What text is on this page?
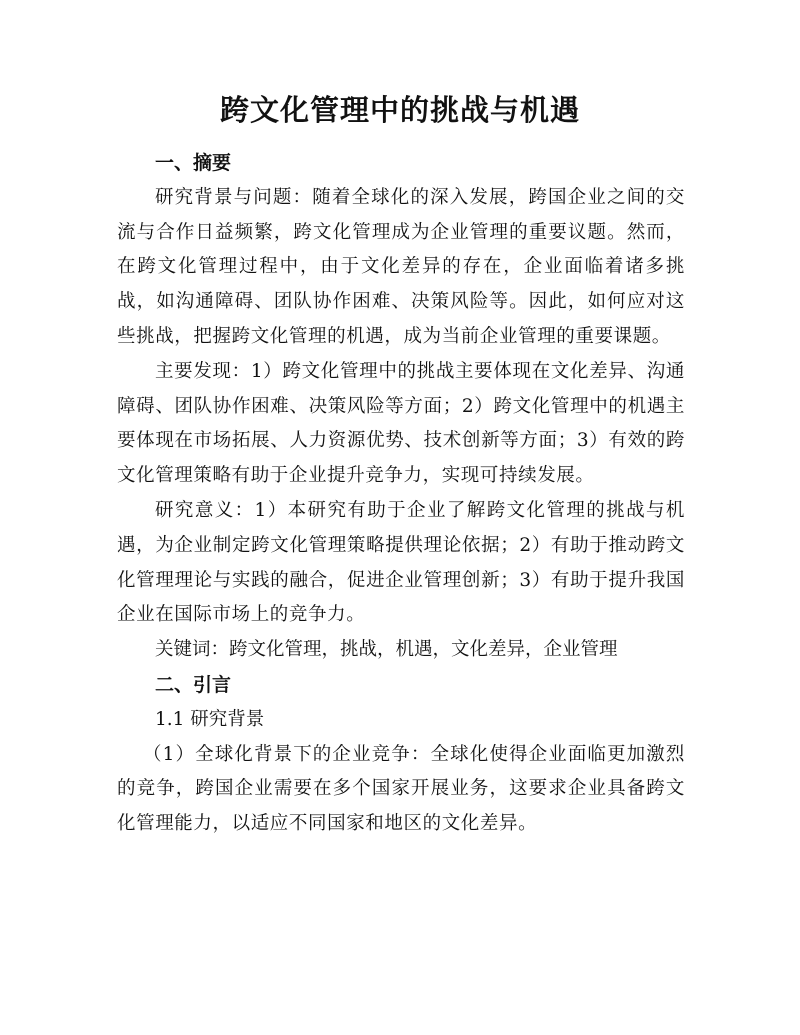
跨文化管理中的挑战与机遇

一、摘要

研究背景与问题：随着全球化的深入发展，跨国企业之间的交流与合作日益频繁，跨文化管理成为企业管理的重要议题。然而，在跨文化管理过程中，由于文化差异的存在，企业面临着诸多挑战，如沟通障碍、团队协作困难、决策风险等。因此，如何应对这些挑战，把握跨文化管理的机遇，成为当前企业管理的重要课题。

主要发现：1）跨文化管理中的挑战主要体现在文化差异、沟通障碍、团队协作困难、决策风险等方面；2）跨文化管理中的机遇主要体现在市场拓展、人力资源优势、技术创新等方面；3）有效的跨文化管理策略有助于企业提升竞争力，实现可持续发展。

研究意义：1）本研究有助于企业了解跨文化管理的挑战与机遇，为企业制定跨文化管理策略提供理论依据；2）有助于推动跨文化管理理论与实践的融合，促进企业管理创新；3）有助于提升我国企业在国际市场上的竞争力。

关键词：跨文化管理，挑战，机遇，文化差异，企业管理

二、引言

1.1 研究背景

（1）全球化背景下的企业竞争：全球化使得企业面临更加激烈的竞争，跨国企业需要在多个国家开展业务，这要求企业具备跨文化管理能力，以适应不同国家和地区的文化差异。
